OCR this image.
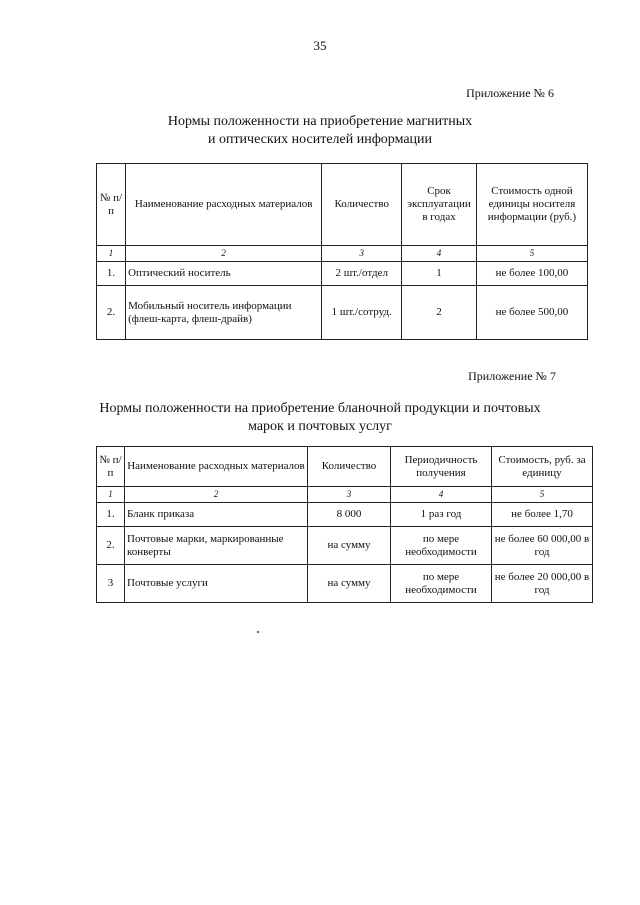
35
Приложение № 6
Нормы положенности на приобретение магнитных
и оптических носителей информации
№ п/п	Наименование расходных материалов	Количество	Срок эксплуатации в годах	Стоимость одной единицы носителя информации (руб.)
1	2	3	4	5
1.	Оптический носитель	2 шт./отдел	1	не более 100,00
2.	Мобильный носитель информации (флеш-карта, флеш-драйв)	1 шт./сотруд.	2	не более 500,00
Приложение № 7
Нормы положенности на приобретение бланочной продукции и почтовых
марок и почтовых услуг
№ п/п	Наименование расходных материалов	Количество	Периодичность получения	Стоимость, руб. за единицу
1	2	3	4	5
1.	Бланк приказа	8 000	1 раз год	не более 1,70
2.	Почтовые марки, маркированные конверты	на сумму	по мере необходимости	не более 60 000,00 в год
3	Почтовые услуги	на сумму	по мере необходимости	не более 20 000,00 в год
